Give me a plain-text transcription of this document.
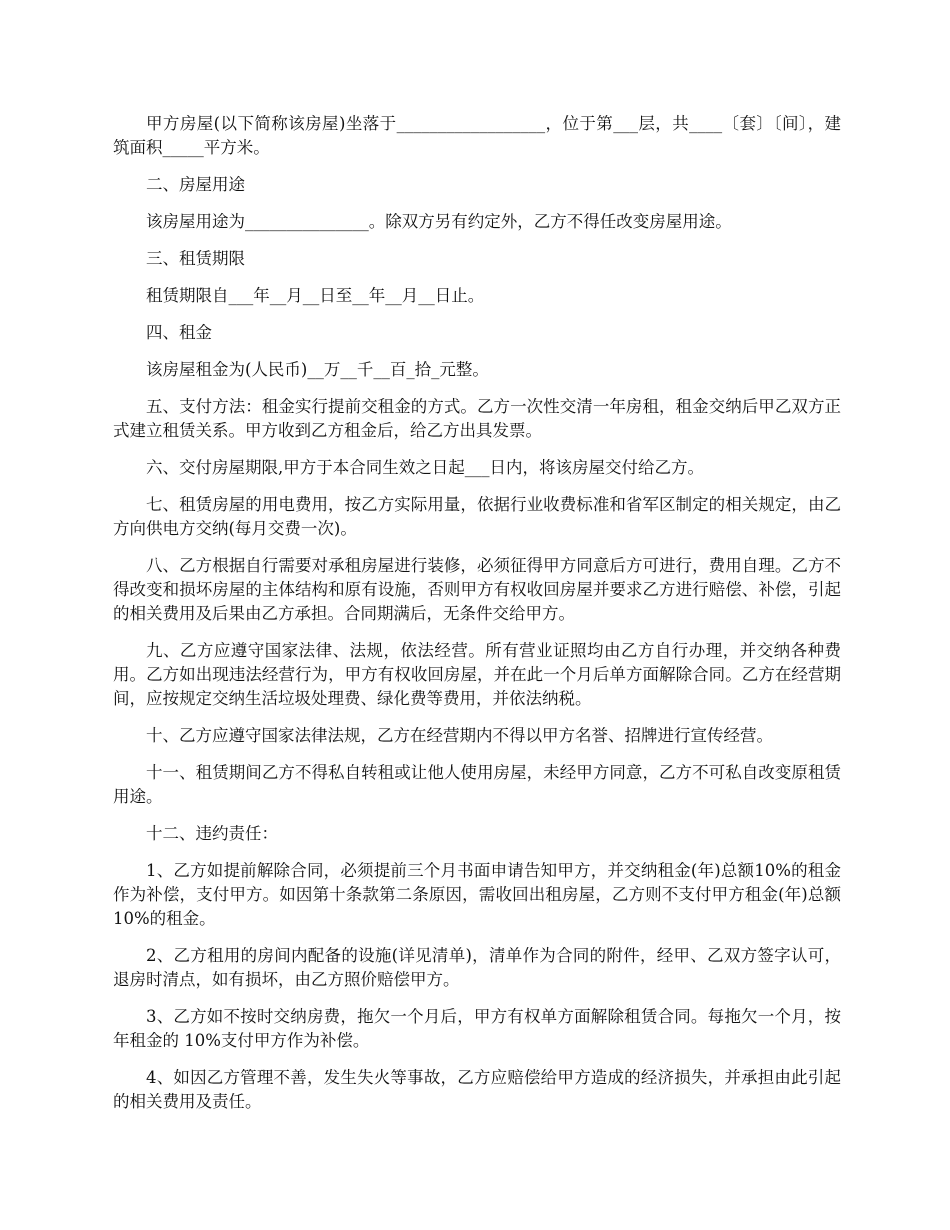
甲方房屋(以下简称该房屋)坐落于__________________，位于第___层，共____〔套〕〔间〕，建筑面积_____平方米。

二、房屋用途

该房屋用途为_______________。除双方另有约定外，乙方不得任改变房屋用途。

三、租赁期限

租赁期限自___年__月__日至__年__月__日止。

四、租金

该房屋租金为(人民币)__万__千__百_拾_元整。

五、支付方法：租金实行提前交租金的方式。乙方一次性交清一年房租，租金交纳后甲乙双方正式建立租赁关系。甲方收到乙方租金后，给乙方出具发票。

六、交付房屋期限,甲方于本合同生效之日起___日内，将该房屋交付给乙方。

七、租赁房屋的用电费用，按乙方实际用量，依据行业收费标准和省军区制定的相关规定，由乙方向供电方交纳(每月交费一次)。

八、乙方根据自行需要对承租房屋进行装修，必须征得甲方同意后方可进行，费用自理。乙方不得改变和损坏房屋的主体结构和原有设施，否则甲方有权收回房屋并要求乙方进行赔偿、补偿，引起的相关费用及后果由乙方承担。合同期满后，无条件交给甲方。

九、乙方应遵守国家法律、法规，依法经营。所有营业证照均由乙方自行办理，并交纳各种费用。乙方如出现违法经营行为，甲方有权收回房屋，并在此一个月后单方面解除合同。乙方在经营期间，应按规定交纳生活垃圾处理费、绿化费等费用，并依法纳税。

十、乙方应遵守国家法律法规，乙方在经营期内不得以甲方名誉、招牌进行宣传经营。

十一、租赁期间乙方不得私自转租或让他人使用房屋，未经甲方同意，乙方不可私自改变原租赁用途。

十二、违约责任：

1、乙方如提前解除合同，必须提前三个月书面申请告知甲方，并交纳租金(年)总额10%的租金作为补偿，支付甲方。如因第十条款第二条原因，需收回出租房屋，乙方则不支付甲方租金(年)总额 10%的租金。

2、乙方租用的房间内配备的设施(详见清单)，清单作为合同的附件，经甲、乙双方签字认可，退房时清点，如有损坏，由乙方照价赔偿甲方。

3、乙方如不按时交纳房费，拖欠一个月后，甲方有权单方面解除租赁合同。每拖欠一个月，按年租金的 10%支付甲方作为补偿。

4、如因乙方管理不善，发生失火等事故，乙方应赔偿给甲方造成的经济损失，并承担由此引起的相关费用及责任。
